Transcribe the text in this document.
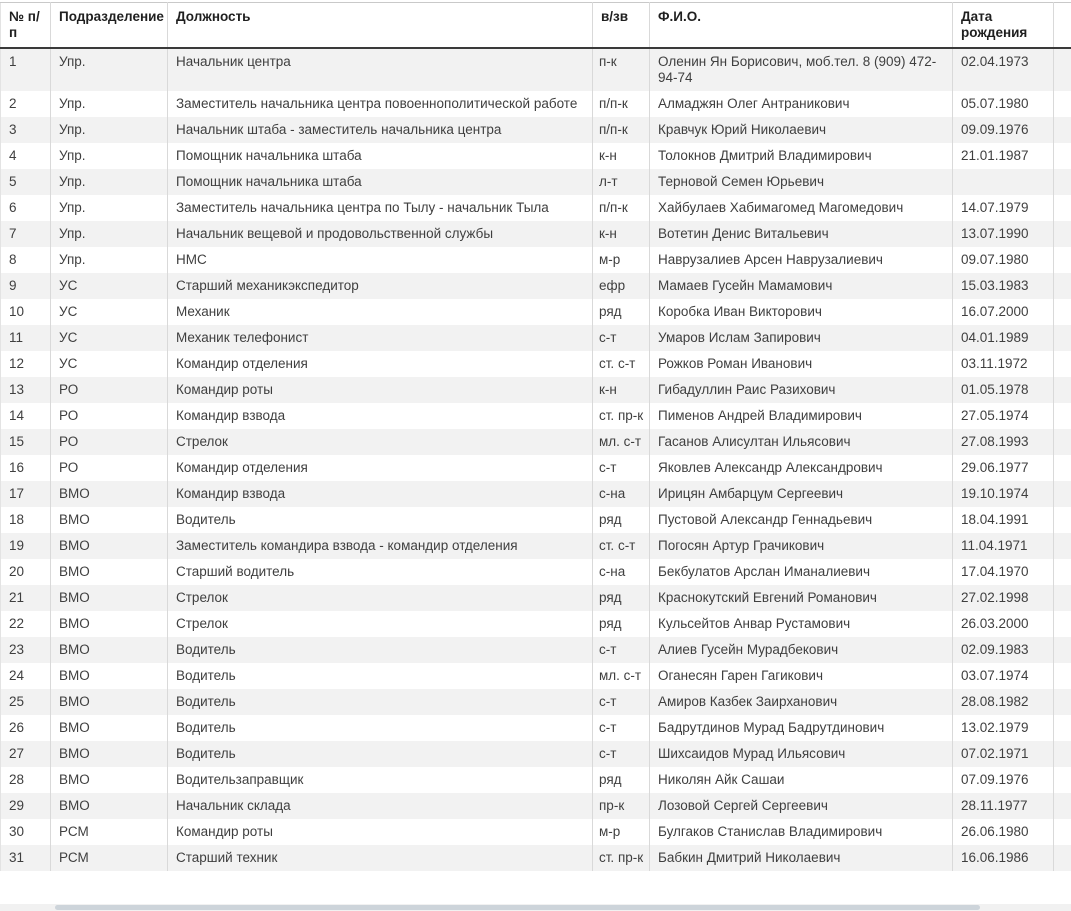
№ п/п	Подразделение	Должность	в/зв	Ф.И.О.	Дата рождения	
1	Упр.	Начальник центра	п-к	Оленин Ян Борисович, моб.тел. 8 (909) 472-94-74	02.04.1973	
2	Упр.	Заместитель начальника центра повоеннополитической работе	п/п-к	Алмаджян Олег Антраникович	05.07.1980	
3	Упр.	Начальник штаба - заместитель начальника центра	п/п-к	Кравчук Юрий Николаевич	09.09.1976	
4	Упр.	Помощник начальника штаба	к-н	Толокнов Дмитрий Владимирович	21.01.1987	
5	Упр.	Помощник начальника штаба	л-т	Терновой Семен Юрьевич		
6	Упр.	Заместитель начальника центра по Тылу - начальник Тыла	п/п-к	Хайбулаев Хабимагомед Магомедович	14.07.1979	
7	Упр.	Начальник вещевой и продовольственной службы	к-н	Вотетин Денис Витальевич	13.07.1990	
8	Упр.	НМС	м-р	Наврузалиев Арсен Наврузалиевич	09.07.1980	
9	УС	Старший механикэкспедитор	ефр	Мамаев Гусейн Мамамович	15.03.1983	
10	УС	Механик	ряд	Коробка Иван Викторович	16.07.2000	
11	УС	Механик телефонист	с-т	Умаров Ислам Запирович	04.01.1989	
12	УС	Командир отделения	ст. с-т	Рожков Роман Иванович	03.11.1972	
13	РО	Командир роты	к-н	Гибадуллин Раис Разихович	01.05.1978	
14	РО	Командир взвода	ст. пр-к	Пименов Андрей Владимирович	27.05.1974	
15	РО	Стрелок	мл. с-т	Гасанов Алисултан Ильясович	27.08.1993	
16	РО	Командир отделения	с-т	Яковлев Александр Александрович	29.06.1977	
17	ВМО	Командир взвода	с-на	Ирицян Амбарцум Сергеевич	19.10.1974	
18	ВМО	Водитель	ряд	Пустовой Александр Геннадьевич	18.04.1991	
19	ВМО	Заместитель командира взвода - командир отделения	ст. с-т	Погосян Артур Грачикович	11.04.1971	
20	ВМО	Старший водитель	с-на	Бекбулатов Арслан Иманалиевич	17.04.1970	
21	ВМО	Стрелок	ряд	Краснокутский Евгений Романович	27.02.1998	
22	ВМО	Стрелок	ряд	Кульсейтов Анвар Рустамович	26.03.2000	
23	ВМО	Водитель	с-т	Алиев Гусейн Мурадбекович	02.09.1983	
24	ВМО	Водитель	мл. с-т	Оганесян Гарен Гагикович	03.07.1974	
25	ВМО	Водитель	с-т	Амиров Казбек Заирханович	28.08.1982	
26	ВМО	Водитель	с-т	Бадрутдинов Мурад Бадрутдинович	13.02.1979	
27	ВМО	Водитель	с-т	Шихсаидов Мурад Ильясович	07.02.1971	
28	ВМО	Водительзаправщик	ряд	Николян Айк Сашаи	07.09.1976	
29	ВМО	Начальник склада	пр-к	Лозовой Сергей Сергеевич	28.11.1977	
30	РСМ	Командир роты	м-р	Булгаков Станислав Владимирович	26.06.1980	
31	РСМ	Старший техник	ст. пр-к	Бабкин Дмитрий Николаевич	16.06.1986	
